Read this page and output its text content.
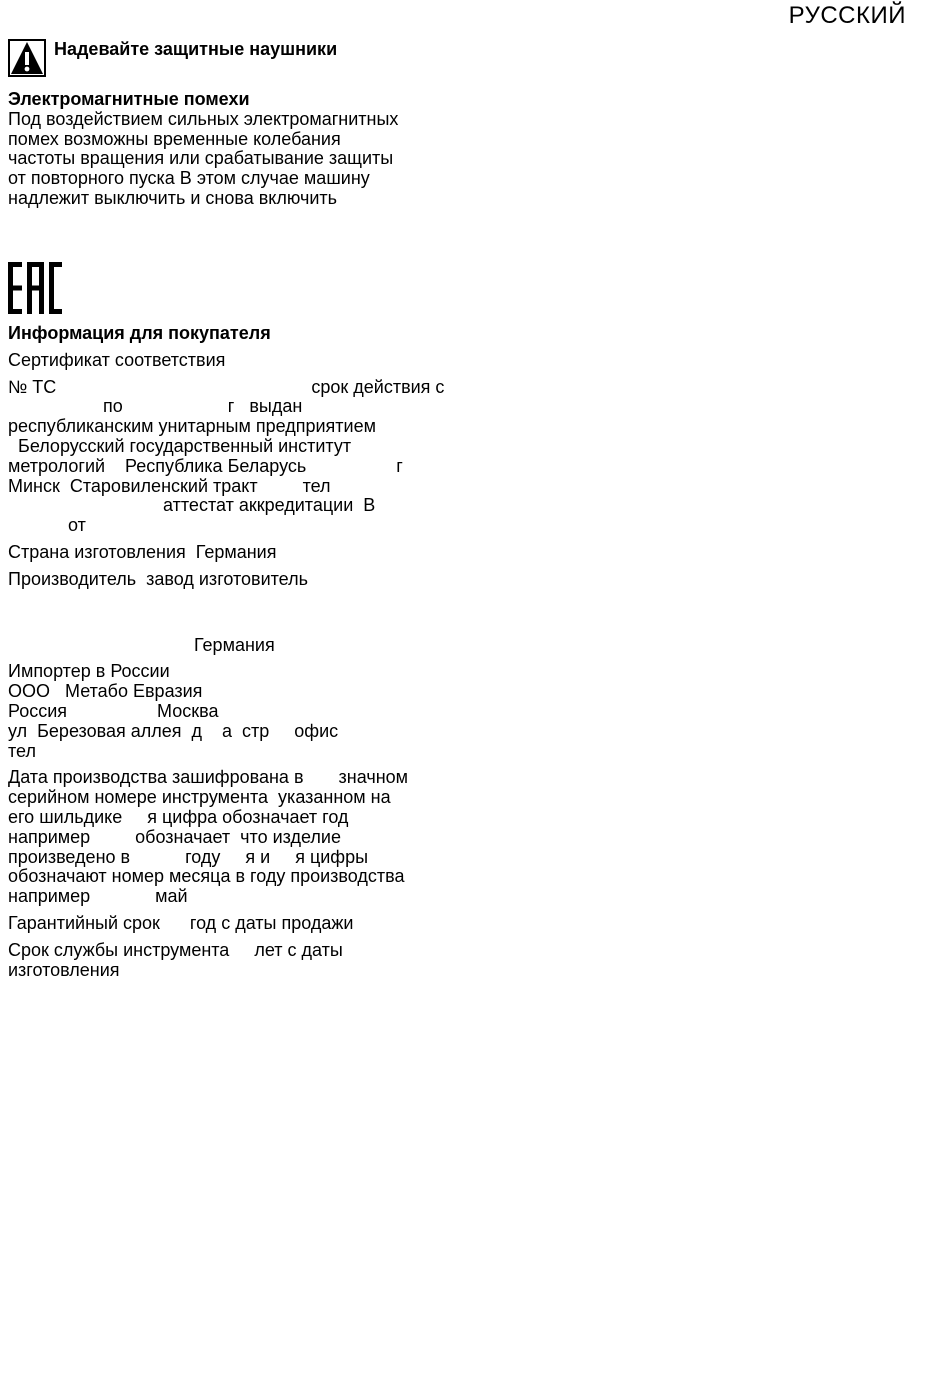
РУССКИЙ
Надевайте защитные наушники
Электромагнитные помехи
Под воздействием сильных электромагнитных
помех возможны временные колебания
частоты вращения или срабатывание защиты
от повторного пуска В этом случае машину
надлежит выключить и снова включить
Информация для покупателя
Сертификат соответствия
№ ТС                                                   срок действия с
по                     г   выдан
республиканским унитарным предприятием
Белорусский государственный институт
метрологий    Республика Беларусь                  г
Минск  Старовиленский тракт         тел
аттестат аккредитации  В
от
Страна изготовления  Германия
Производитель  завод изготовитель
Германия
Импортер в России
ООО   Метабо Евразия
Россия                  Москва
ул  Березовая аллея  д    а  стр     офис
тел
Дата производства зашифрована в       значном
серийном номере инструмента  указанном на
его шильдике     я цифра обозначает год
например         обозначает  что изделие
произведено в           году     я и     я цифры
обозначают номер месяца в году производства
например             май
Гарантийный срок      год с даты продажи
Срок службы инструмента     лет с даты
изготовления
